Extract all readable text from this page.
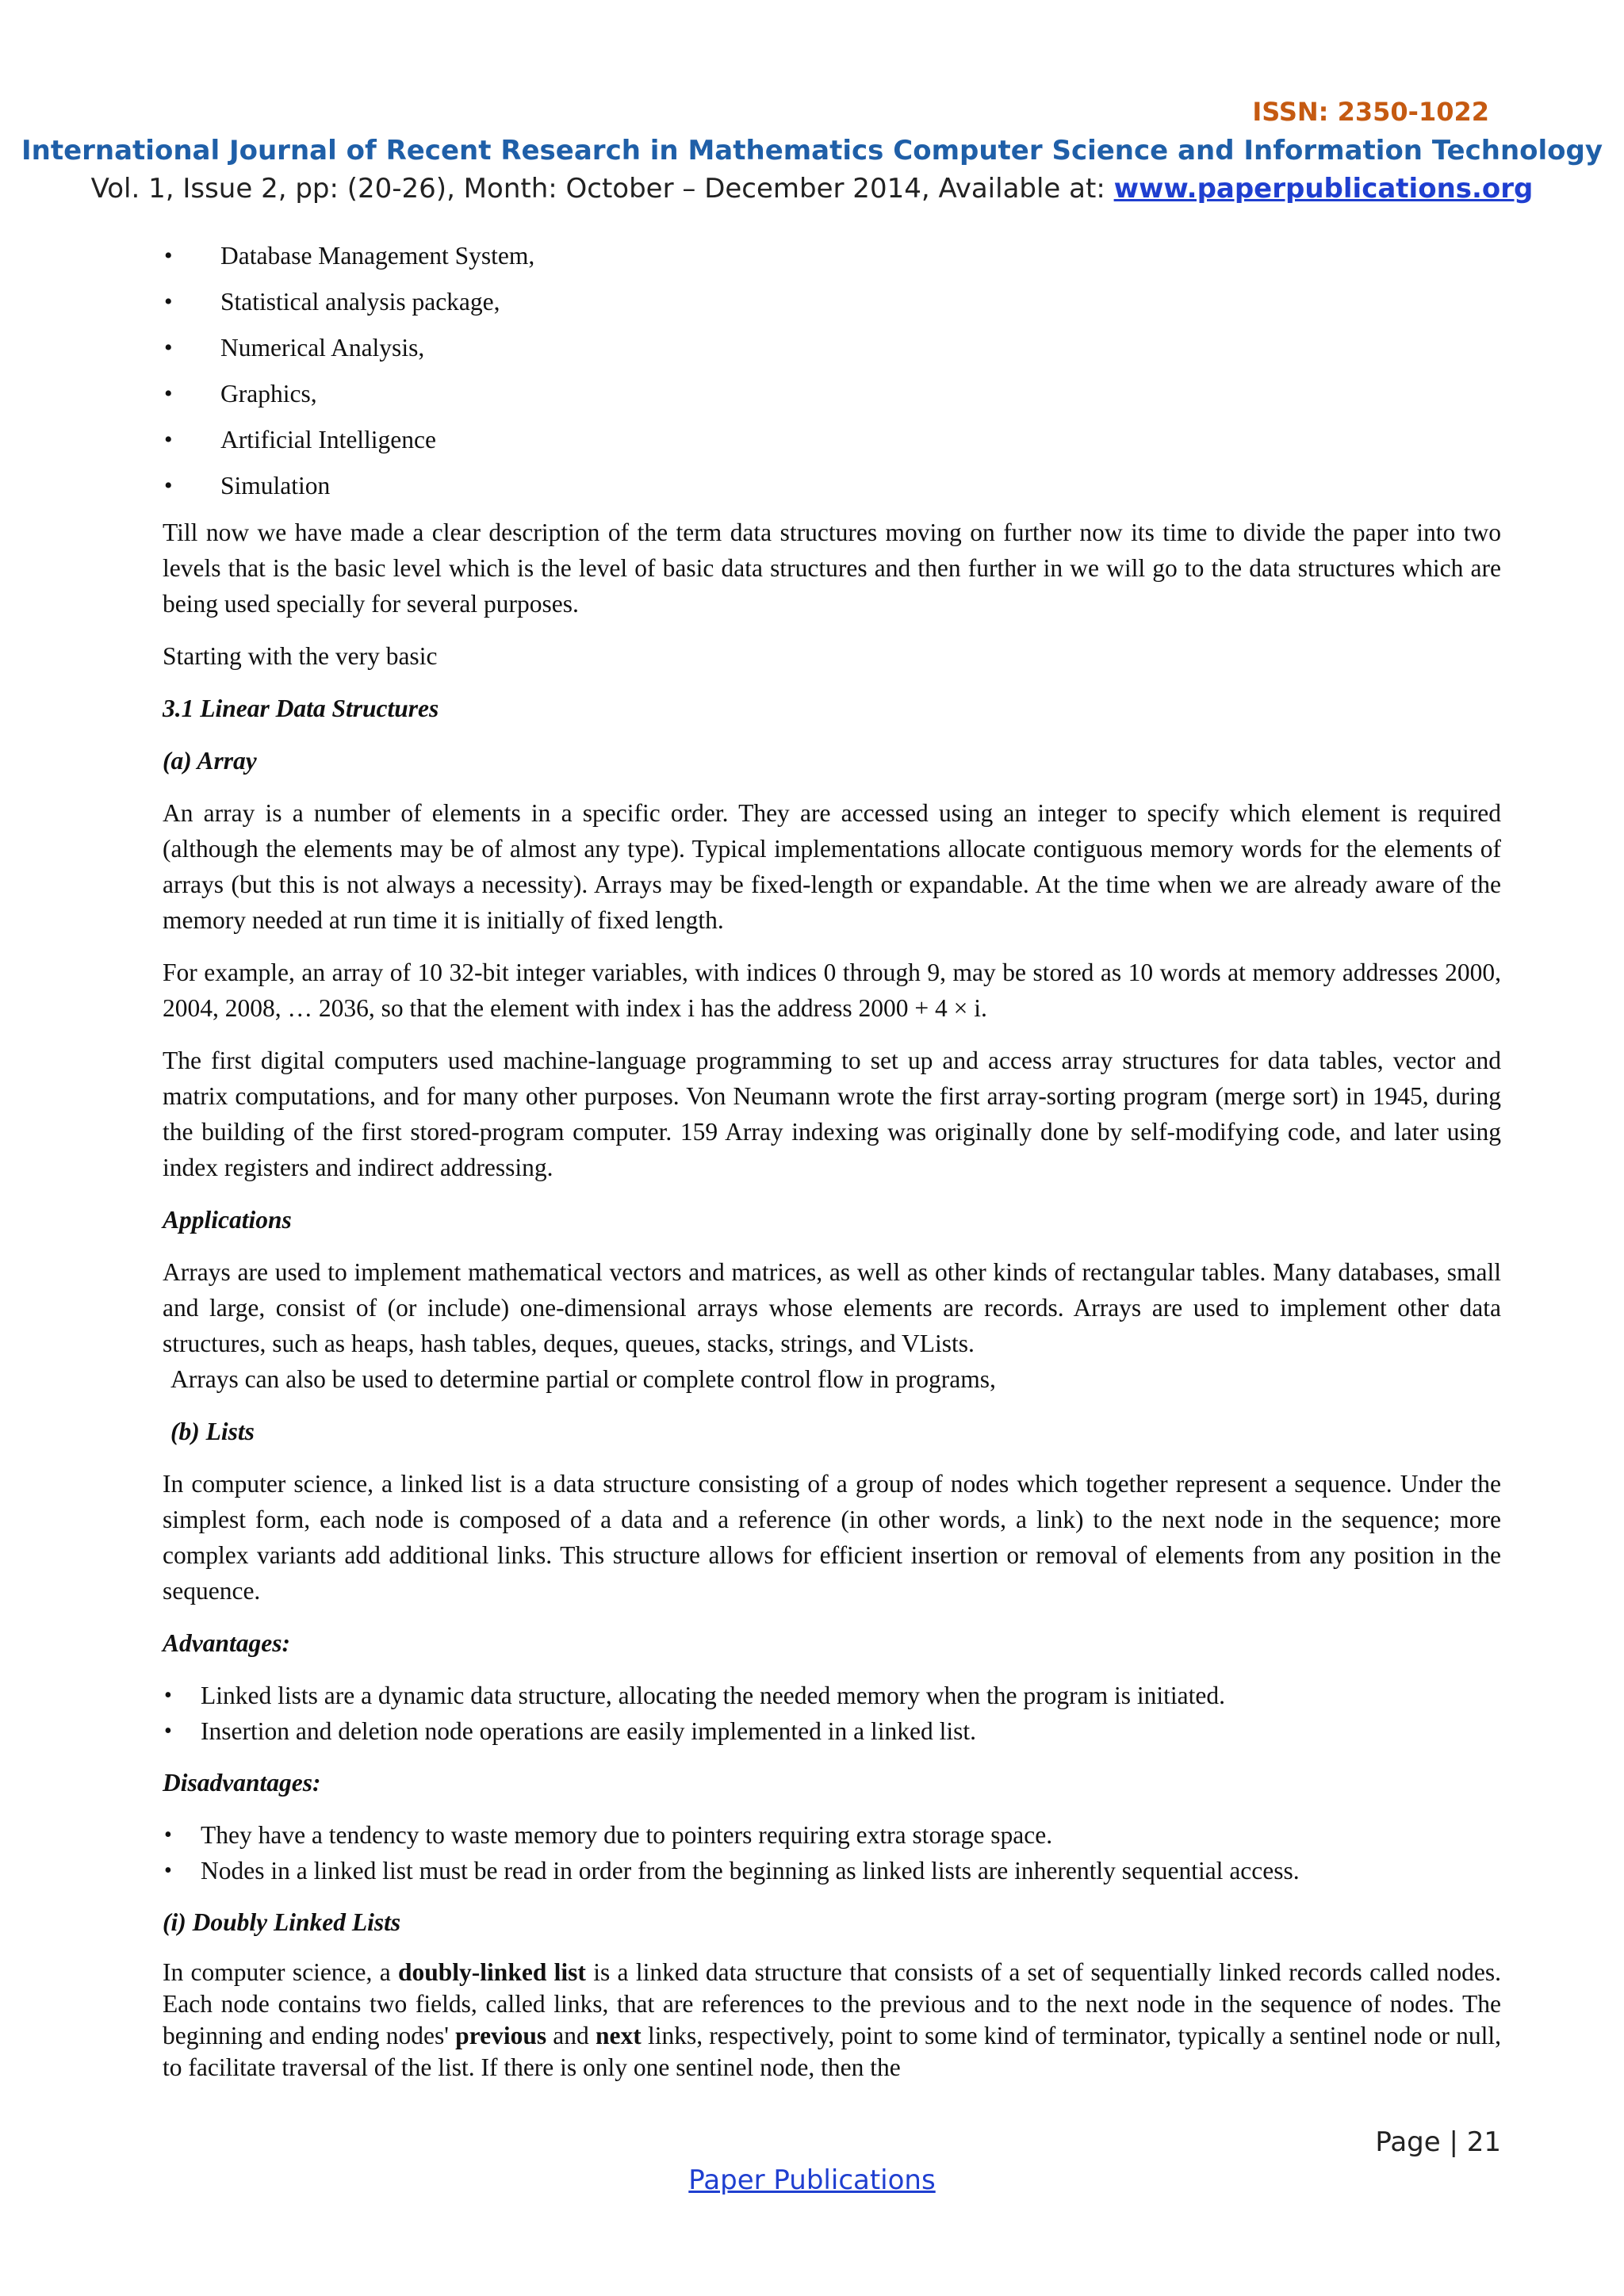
ISSN: 2350-1022
International Journal of Recent Research in Mathematics Computer Science and Information Technology
Vol. 1, Issue 2, pp: (20-26), Month: October – December 2014, Available at: www.paperpublications.org
• Database Management System,
• Statistical analysis package,
• Numerical Analysis,
• Graphics,
• Artificial Intelligence
• Simulation

Till now we have made a clear description of the term data structures moving on further now its time to divide the paper into two levels that is the basic level which is the level of basic data structures and then further in we will go to the data structures which are being used specially for several purposes.

Starting with the very basic

3.1 Linear Data Structures

(a) Array

An array is a number of elements in a specific order. They are accessed using an integer to specify which element is required (although the elements may be of almost any type). Typical implementations allocate contiguous memory words for the elements of arrays (but this is not always a necessity). Arrays may be fixed-length or expandable. At the time when we are already aware of the memory needed at run time it is initially of fixed length.

For example, an array of 10 32-bit integer variables, with indices 0 through 9, may be stored as 10 words at memory addresses 2000, 2004, 2008, … 2036, so that the element with index i has the address 2000 + 4 × i.

The first digital computers used machine-language programming to set up and access array structures for data tables, vector and matrix computations, and for many other purposes. Von Neumann wrote the first array-sorting program (merge sort) in 1945, during the building of the first stored-program computer. 159 Array indexing was originally done by self-modifying code, and later using index registers and indirect addressing.

Applications

Arrays are used to implement mathematical vectors and matrices, as well as other kinds of rectangular tables. Many databases, small and large, consist of (or include) one-dimensional arrays whose elements are records. Arrays are used to implement other data structures, such as heaps, hash tables, deques, queues, stacks, strings, and VLists.

Arrays can also be used to determine partial or complete control flow in programs,

(b) Lists

In computer science, a linked list is a data structure consisting of a group of nodes which together represent a sequence. Under the simplest form, each node is composed of a data and a reference (in other words, a link) to the next node in the sequence; more complex variants add additional links. This structure allows for efficient insertion or removal of elements from any position in the sequence.

Advantages:

• Linked lists are a dynamic data structure, allocating the needed memory when the program is initiated.
• Insertion and deletion node operations are easily implemented in a linked list.

Disadvantages:

• They have a tendency to waste memory due to pointers requiring extra storage space.
• Nodes in a linked list must be read in order from the beginning as linked lists are inherently sequential access.

(i) Doubly Linked Lists

In computer science, a doubly-linked list is a linked data structure that consists of a set of sequentially linked records called nodes. Each node contains two fields, called links, that are references to the previous and to the next node in the sequence of nodes. The beginning and ending nodes' previous and next links, respectively, point to some kind of terminator, typically a sentinel node or null, to facilitate traversal of the list. If there is only one sentinel node, then the

Page | 21
Paper Publications
